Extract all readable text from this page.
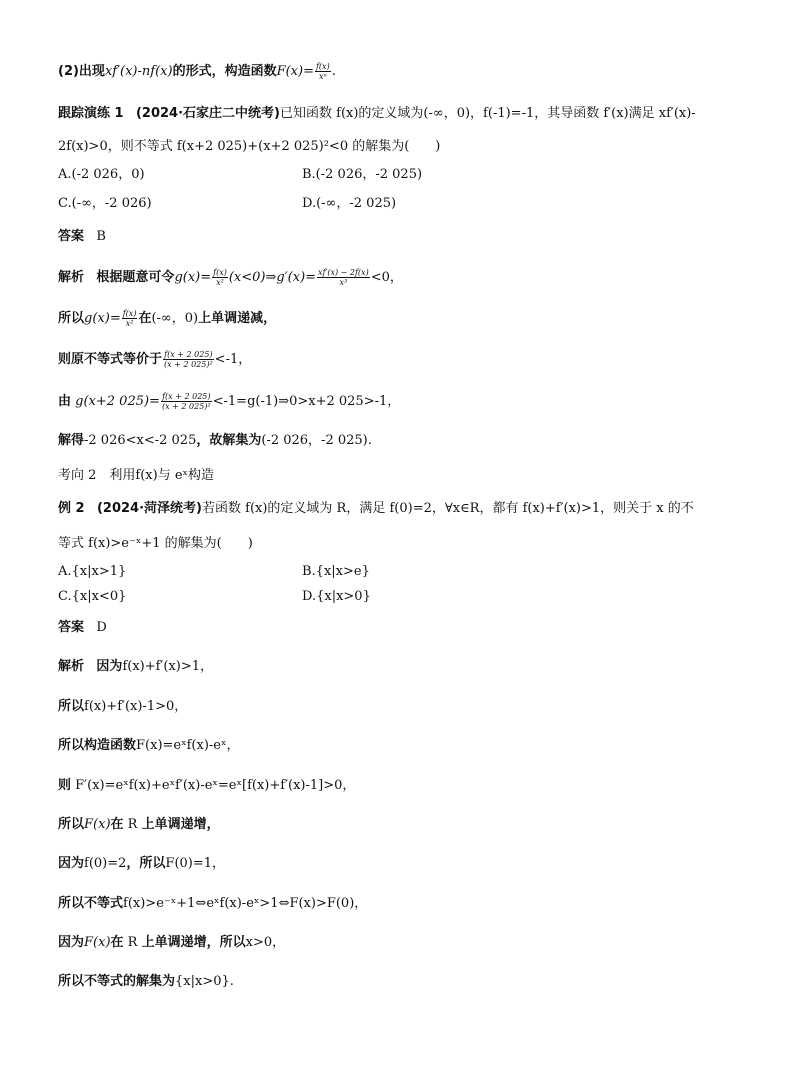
(2)出现xf′(x)-nf(x)的形式，构造函数$F(x)= \frac{f(x)}{\text{xⁿ}}$ .
跟踪演练 1 (2024·石家庄二中统考)已知函数 f(x)的定义域为(-∞，0)，f(-1)=-1，其导函数 f′(x)满足 xf′(x)-
2f(x)>0，则不等式 f(x+2 025)+(x+2 025)²<0 的解集为(　　)
A.(-2 026，0)	B.(-2 026，-2 025)
C.(-∞，-2 026)	D.(-∞，-2 025)
答案 B
解析 根据题意可令$g(x)= \frac{f(x)}{\text{x²}}$ (x<0)⇒g′(x)= $\frac{xf'(x) - 2f(x)}{\text{x³}} <0$，
所以$g(x)= \frac{f(x)}{\text{x²}}$ 在(-∞，0)上单调递减，
则原不等式等价于 $\frac{f(x + 2 025)}{\text{(x + 2 025)²}} <-1$，
由 g(x+2 $025)= \frac{f(x + 2 025)}{\text{(x + 2 025)²}}$ <-1=g(-1)⇒0>x+2 025>-1，
解得-2 026<x<-2 025，故解集为(-2 026，-2 025).
考向 2　利用f(x)与 eˣ构造
例 2 (2024·菏泽统考)若函数 f(x)的定义域为 R，满足 f(0)=2，∀x∈R，都有 f(x)+f′(x)>1，则关于 x 的不
等式 f(x)>e⁻ˣ+1 的解集为(　　)
A.{x|x>1}	B.{x|x>e}
C.{x|x<0}	D.{x|x>0}
答案 D
解析 因为f(x)+f′(x)>1，
所以f(x)+f′(x)-1>0，
所以构造函数F(x)=eˣf(x)-eˣ，
则 F′(x)=eˣf(x)+eˣf′(x)-eˣ=eˣ[f(x)+f′(x)-1]>0，
所以F(x)在 R 上单调递增，
因为f(0)=2，所以F(0)=1，
所以不等式f(x)>e⁻ˣ+1⇔eˣf(x)-eˣ>1⇔F(x)>F(0)，
因为F(x)在 R 上单调递增，所以x>0，
所以不等式的解集为{x|x>0}.
